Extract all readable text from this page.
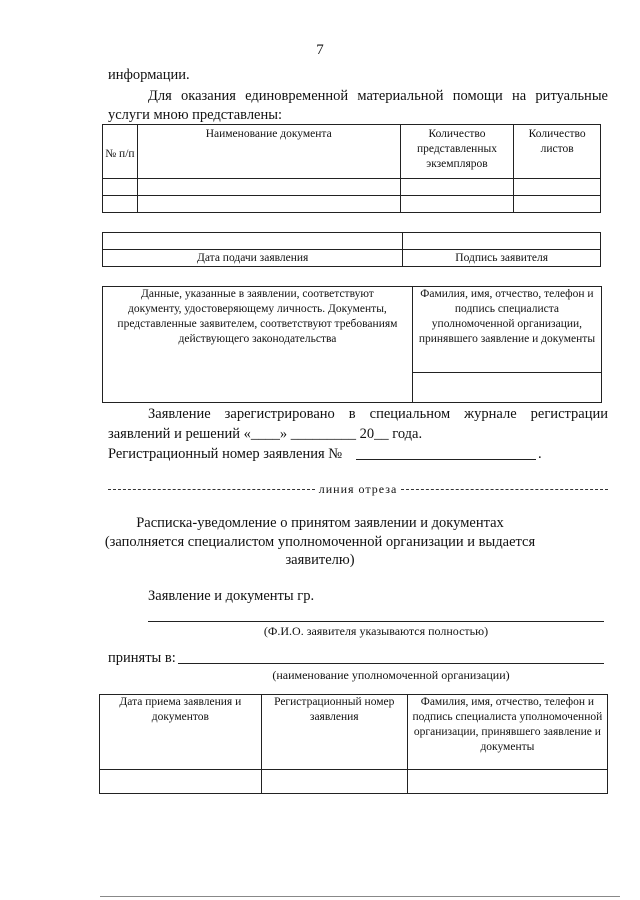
7
информации.
Для оказания единовременной материальной помощи на ритуальные
услуги мною представлены:
№ п/п	Наименование документа	Количество представленных экземпляров	Количество листов

Дата подачи заявления	Подпись заявителя
Данные, указанные в заявлении, соответствуют документу, удостоверяющему личность. Документы, представленные заявителем, соответствуют требованиям действующего законодательства	Фамилия, имя, отчество, телефон и подпись специалиста уполномоченной организации, принявшего заявление и документы

Заявление зарегистрировано в специальном журнале регистрации
заявлений и решений «____» _________ 20__ года.
Регистрационный номер заявления №	.
линия отреза
Расписка-уведомление о принятом заявлении и документах
(заполняется специалистом уполномоченной организации и выдается
заявителю)
Заявление и документы гр.
(Ф.И.О. заявителя указываются полностью)
приняты в:
(наименование уполномоченной организации)
Дата приема заявления и документов	Регистрационный номер заявления	Фамилия, имя, отчество, телефон и подпись специалиста уполномоченной организации, принявшего заявление и документы
